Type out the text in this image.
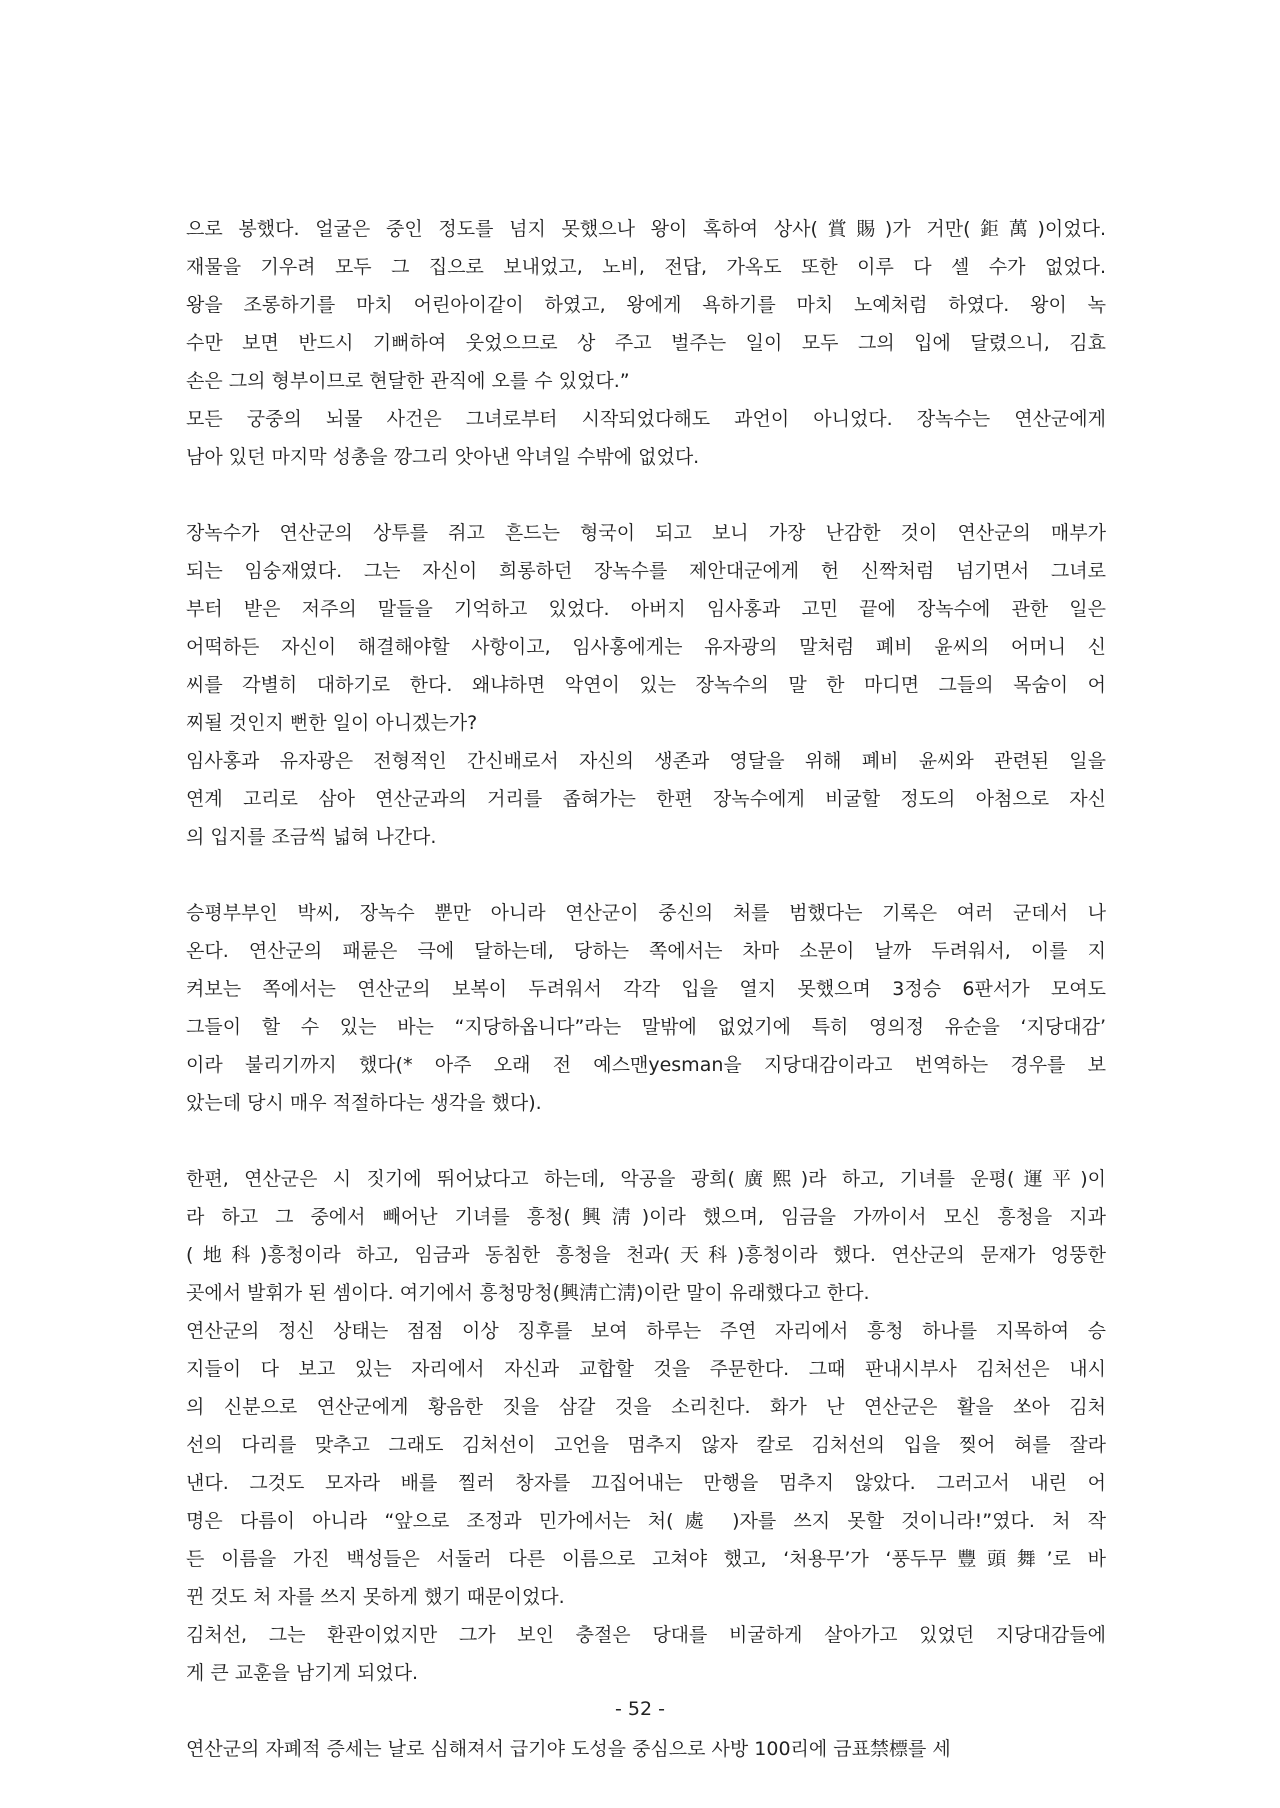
으로 봉했다. 얼굴은 중인 정도를 넘지 못했으나 왕이 혹하여 상사(賞賜)가 거만(鉅萬)이었다.
재물을 기우려 모두 그 집으로 보내었고, 노비, 전답, 가옥도 또한 이루 다 셀 수가 없었다.
왕을 조롱하기를 마치 어린아이같이 하였고, 왕에게 욕하기를 마치 노예처럼 하였다. 왕이 녹
수만 보면 반드시 기뻐하여 웃었으므로 상 주고 벌주는 일이 모두 그의 입에 달렸으니, 김효
손은 그의 형부이므로 현달한 관직에 오를 수 있었다.”
모든 궁중의 뇌물 사건은 그녀로부터 시작되었다해도 과언이 아니었다. 장녹수는 연산군에게
남아 있던 마지막 성총을 깡그리 앗아낸 악녀일 수밖에 없었다.
장녹수가 연산군의 상투를 쥐고 흔드는 형국이 되고 보니 가장 난감한 것이 연산군의 매부가
되는 임숭재였다. 그는 자신이 희롱하던 장녹수를 제안대군에게 헌 신짝처럼 넘기면서 그녀로
부터 받은 저주의 말들을 기억하고 있었다. 아버지 임사홍과 고민 끝에 장녹수에 관한 일은
어떡하든 자신이 해결해야할 사항이고, 임사홍에게는 유자광의 말처럼 폐비 윤씨의 어머니 신
씨를 각별히 대하기로 한다. 왜냐하면 악연이 있는 장녹수의 말 한 마디면 그들의 목숨이 어
찌될 것인지 뻔한 일이 아니겠는가?
임사홍과 유자광은 전형적인 간신배로서 자신의 생존과 영달을 위해 폐비 윤씨와 관련된 일을
연계 고리로 삼아 연산군과의 거리를 좁혀가는 한편 장녹수에게 비굴할 정도의 아첨으로 자신
의 입지를 조금씩 넓혀 나간다.
승평부부인 박씨, 장녹수 뿐만 아니라 연산군이 중신의 처를 범했다는 기록은 여러 군데서 나
온다. 연산군의 패륜은 극에 달하는데, 당하는 쪽에서는 차마 소문이 날까 두려워서, 이를 지
켜보는 쪽에서는 연산군의 보복이 두려워서 각각 입을 열지 못했으며 3정승 6판서가 모여도
그들이 할 수 있는 바는 “지당하옵니다”라는 말밖에 없었기에 특히 영의정 유순을 ‘지당대감’
이라 불리기까지 했다(* 아주 오래 전 예스맨yesman을 지당대감이라고 번역하는 경우를 보
았는데 당시 매우 적절하다는 생각을 했다).
한편, 연산군은 시 짓기에 뛰어났다고 하는데, 악공을 광희(廣熙)라 하고, 기녀를 운평(運平)이
라 하고 그 중에서 빼어난 기녀를 흥청(興淸)이라 했으며, 임금을 가까이서 모신 흥청을 지과
(地科)흥청이라 하고, 임금과 동침한 흥청을 천과(天科)흥청이라 했다. 연산군의 문재가 엉뚱한
곳에서 발휘가 된 셈이다. 여기에서 흥청망청(興淸亡淸)이란 말이 유래했다고 한다.
연산군의 정신 상태는 점점 이상 징후를 보여 하루는 주연 자리에서 흥청 하나를 지목하여 승
지들이 다 보고 있는 자리에서 자신과 교합할 것을 주문한다. 그때 판내시부사 김처선은 내시
의 신분으로 연산군에게 황음한 짓을 삼갈 것을 소리친다. 화가 난 연산군은 활을 쏘아 김처
선의 다리를 맞추고 그래도 김처선이 고언을 멈추지 않자 칼로 김처선의 입을 찢어 혀를 잘라
낸다. 그것도 모자라 배를 찔러 창자를 끄집어내는 만행을 멈추지 않았다. 그러고서 내린 어
명은 다름이 아니라 “앞으로 조정과 민가에서는 처(處 )자를 쓰지 못할 것이니라!”였다. 처 작
든 이름을 가진 백성들은 서둘러 다른 이름으로 고쳐야 했고, ‘처용무’가 ‘풍두무豐頭舞’로 바
뀐 것도 처 자를 쓰지 못하게 했기 때문이었다.
김처선, 그는 환관이었지만 그가 보인 충절은 당대를 비굴하게 살아가고 있었던 지당대감들에
게 큰 교훈을 남기게 되었다.
연산군의 자폐적 증세는 날로 심해져서 급기야 도성을 중심으로 사방 100리에 금표禁標를 세
- 52 -
